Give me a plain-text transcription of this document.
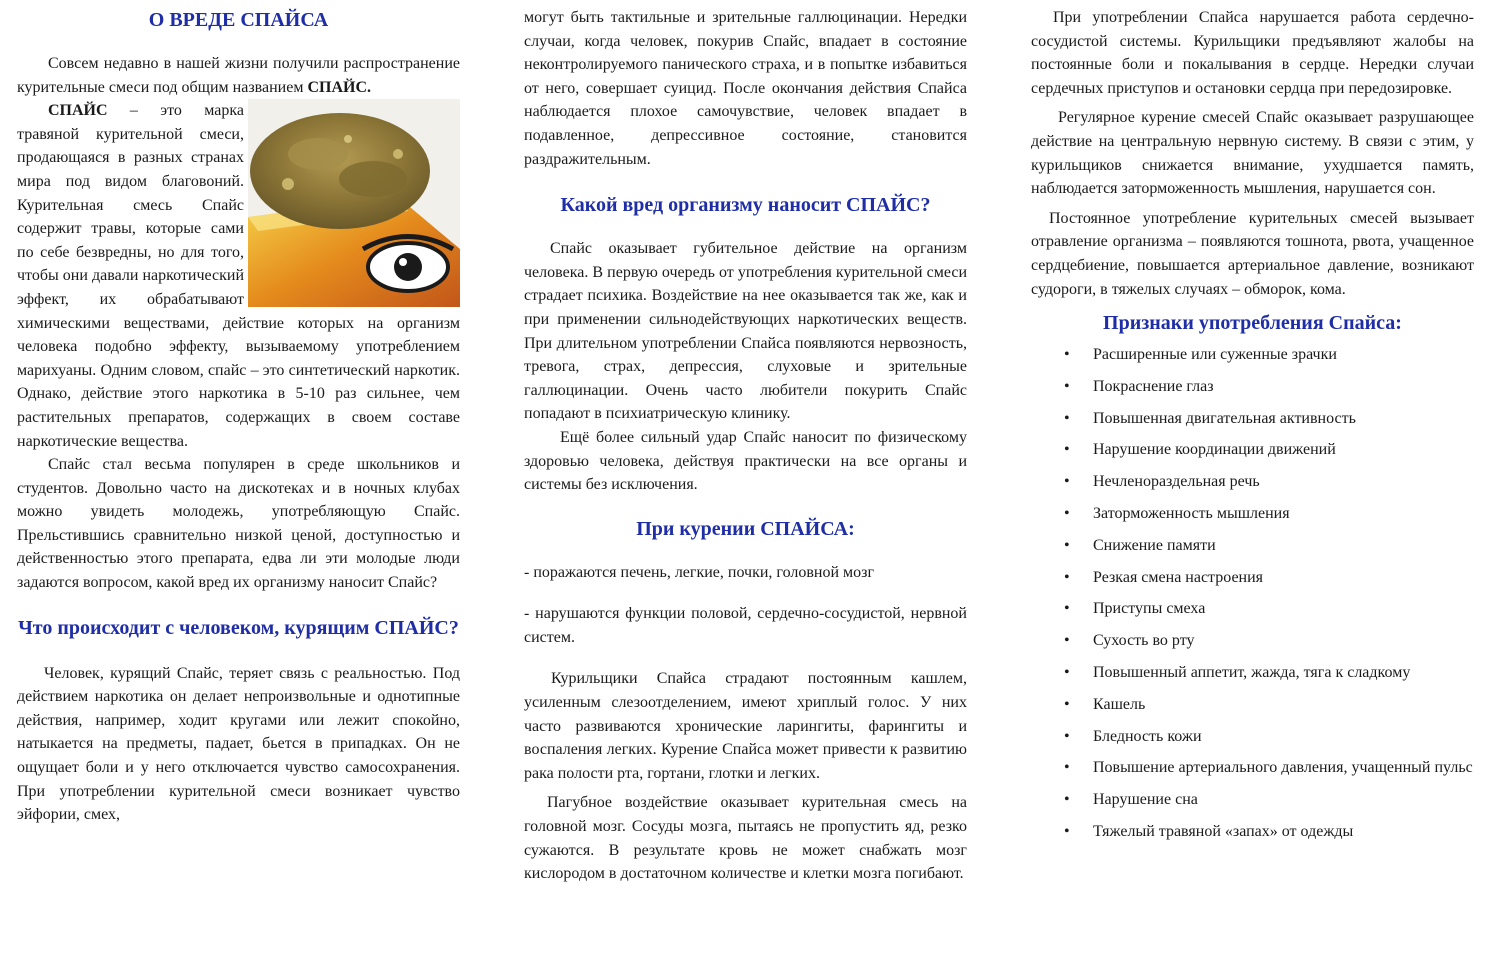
О ВРЕДЕ СПАЙСА

Совсем недавно в нашей жизни получили распространение курительные смеси под общим названием СПАЙС.

СПАЙС – это марка травяной курительной смеси, продающаяся в разных странах мира под видом благовоний. Курительная смесь Спайс содержит травы, которые сами по себе безвредны, но для того, чтобы они давали наркотический эффект, их обрабатывают химическими веществами, действие которых на организм человека подобно эффекту, вызываемому употреблением марихуаны. Одним словом, спайс – это синтетический наркотик. Однако, действие этого наркотика в 5-10 раз сильнее, чем растительных препаратов, содержащих в своем составе наркотические вещества.

Спайс стал весьма популярен в среде школьников и студентов. Довольно часто на дискотеках и в ночных клубах можно увидеть молодежь, употребляющую Спайс. Прельстившись сравнительно низкой ценой, доступностью и действенностью этого препарата, едва ли эти молодые люди задаются вопросом, какой вред их организму наносит Спайс?

Что происходит с человеком, курящим СПАЙС?

Человек, курящий Спайс, теряет связь с реальностью. Под действием наркотика он делает непроизвольные и однотипные действия, например, ходит кругами или лежит спокойно, натыкается на предметы, падает, бьется в припадках. Он не ощущает боли и у него отключается чувство самосохранения. При употреблении курительной смеси возникает чувство эйфории, смех,

могут быть тактильные и зрительные галлюцинации. Нередки случаи, когда человек, покурив Спайс, впадает в состояние неконтролируемого панического страха, и в попытке избавиться от него, совершает суицид. После окончания действия Спайса наблюдается плохое самочувствие, человек впадает в подавленное, депрессивное состояние, становится раздражительным.

Какой вред организму наносит СПАЙС?

Спайс оказывает губительное действие на организм человека. В первую очередь от употребления курительной смеси страдает психика. Воздействие на нее оказывается так же, как и при применении сильнодействующих наркотических веществ. При длительном употреблении Спайса появляются нервозность, тревога, страх, депрессия, слуховые и зрительные галлюцинации. Очень часто любители покурить Спайс попадают в психиатрическую клинику.

Ещё более сильный удар Спайс наносит по физическому здоровью человека, действуя практически на все органы и системы без исключения.

При курении СПАЙСА:

- поражаются печень, легкие, почки, головной мозг

- нарушаются функции половой, сердечно-сосудистой, нервной систем.

Курильщики Спайса страдают постоянным кашлем, усиленным слезоотделением, имеют хриплый голос. У них часто развиваются хронические ларингиты, фарингиты и воспаления легких. Курение Спайса может привести к развитию рака полости рта, гортани, глотки и легких.

Пагубное воздействие оказывает курительная смесь на головной мозг. Сосуды мозга, пытаясь не пропустить яд, резко сужаются. В результате кровь не может снабжать мозг кислородом в достаточном количестве и клетки мозга погибают.

При употреблении Спайса нарушается работа сердечно-сосудистой системы. Курильщики предъявляют жалобы на постоянные боли и покалывания в сердце. Нередки случаи сердечных приступов и остановки сердца при передозировке.

Регулярное курение смесей Спайс оказывает разрушающее действие на центральную нервную систему. В связи с этим, у курильщиков снижается внимание, ухудшается память, наблюдается заторможенность мышления, нарушается сон.

Постоянное употребление курительных смесей вызывает отравление организма – появляются тошнота, рвота, учащенное сердцебиение, повышается артериальное давление, возникают судороги, в тяжелых случаях – обморок, кома.

Признаки употребления Спайса:
• Расширенные или суженные зрачки
• Покраснение глаз
• Повышенная двигательная активность
• Нарушение координации движений
• Нечленораздельная речь
• Заторможенность мышления
• Снижение памяти
• Резкая смена настроения
• Приступы смеха
• Сухость во рту
• Повышенный аппетит, жажда, тяга к сладкому
• Кашель
• Бледность кожи
• Повышение артериального давления, учащенный пульс
• Нарушение сна
• Тяжелый травяной «запах» от одежды
